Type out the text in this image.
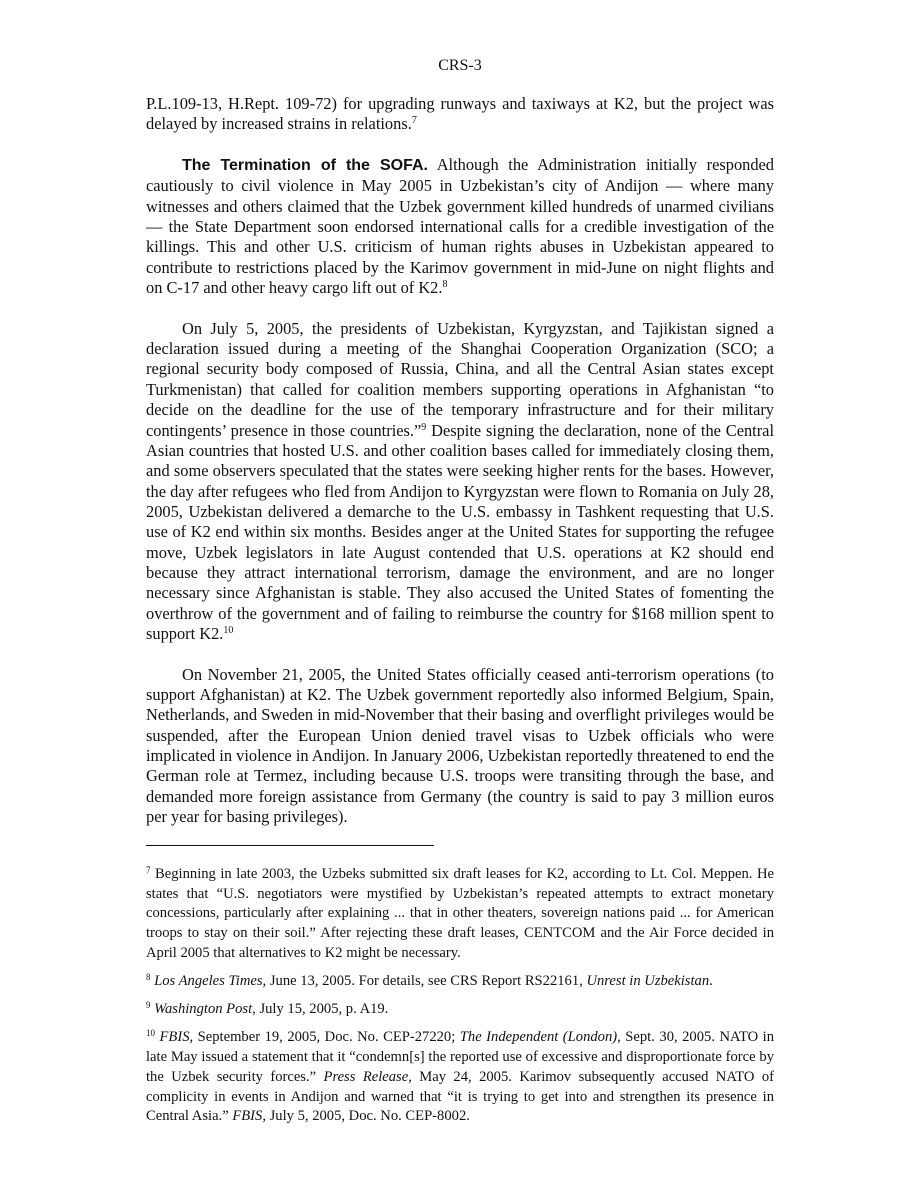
CRS-3

P.L.109-13, H.Rept. 109-72) for upgrading runways and taxiways at K2, but the project was delayed by increased strains in relations.$^7$

The Termination of the SOFA. Although the Administration initially responded cautiously to civil violence in May 2005 in Uzbekistan’s city of Andijon — where many witnesses and others claimed that the Uzbek government killed hundreds of unarmed civilians — the State Department soon endorsed international calls for a credible investigation of the killings. This and other U.S. criticism of human rights abuses in Uzbekistan appeared to contribute to restrictions placed by the Karimov government in mid-June on night flights and on C-17 and other heavy cargo lift out of K2.$^8$

On July 5, 2005, the presidents of Uzbekistan, Kyrgyzstan, and Tajikistan signed a declaration issued during a meeting of the Shanghai Cooperation Organization (SCO; a regional security body composed of Russia, China, and all the Central Asian states except Turkmenistan) that called for coalition members supporting operations in Afghanistan “to decide on the deadline for the use of the temporary infrastructure and for their military contingents’ presence in those countries.”$^9$ Despite signing the declaration, none of the Central Asian countries that hosted U.S. and other coalition bases called for immediately closing them, and some observers speculated that the states were seeking higher rents for the bases. However, the day after refugees who fled from Andijon to Kyrgyzstan were flown to Romania on July 28, 2005, Uzbekistan delivered a demarche to the U.S. embassy in Tashkent requesting that U.S. use of K2 end within six months. Besides anger at the United States for supporting the refugee move, Uzbek legislators in late August contended that U.S. operations at K2 should end because they attract international terrorism, damage the environment, and are no longer necessary since Afghanistan is stable. They also accused the United States of fomenting the overthrow of the government and of failing to reimburse the country for $168 million spent to support K2.10

On November 21, 2005, the United States officially ceased anti-terrorism operations (to support Afghanistan) at K2. The Uzbek government reportedly also informed Belgium, Spain, Netherlands, and Sweden in mid-November that their basing and overflight privileges would be suspended, after the European Union denied travel visas to Uzbek officials who were implicated in violence in Andijon. In January 2006, Uzbekistan reportedly threatened to end the German role at Termez, including because U.S. troops were transiting through the base, and demanded more foreign assistance from Germany (the country is said to pay 3 million euros per year for basing privileges).

$^7$ Beginning in late 2003, the Uzbeks submitted six draft leases for K2, according to Lt. Col. Meppen. He states that “U.S. negotiators were mystified by Uzbekistan’s repeated attempts to extract monetary concessions, particularly after explaining ... that in other theaters, sovereign nations paid ... for American troops to stay on their soil.” After rejecting these draft leases, CENTCOM and the Air Force decided in April 2005 that alternatives to K2 might be necessary.

$^8$ Los Angeles Times, June 13, 2005. For details, see CRS Report RS22161, Unrest in Uzbekistan.

$^9$ Washington Post, July 15, 2005, p. A19.

$^{10}$ FBIS, September 19, 2005, Doc. No. CEP-27220; The Independent (London), Sept. 30, 2005. NATO in late May issued a statement that it “condemn[s] the reported use of excessive and disproportionate force by the Uzbek security forces.” Press Release, May 24, 2005. Karimov subsequently accused NATO of complicity in events in Andijon and warned that “it is trying to get into and strengthen its presence in Central Asia.” FBIS, July 5, 2005, Doc. No. CEP-8002.
